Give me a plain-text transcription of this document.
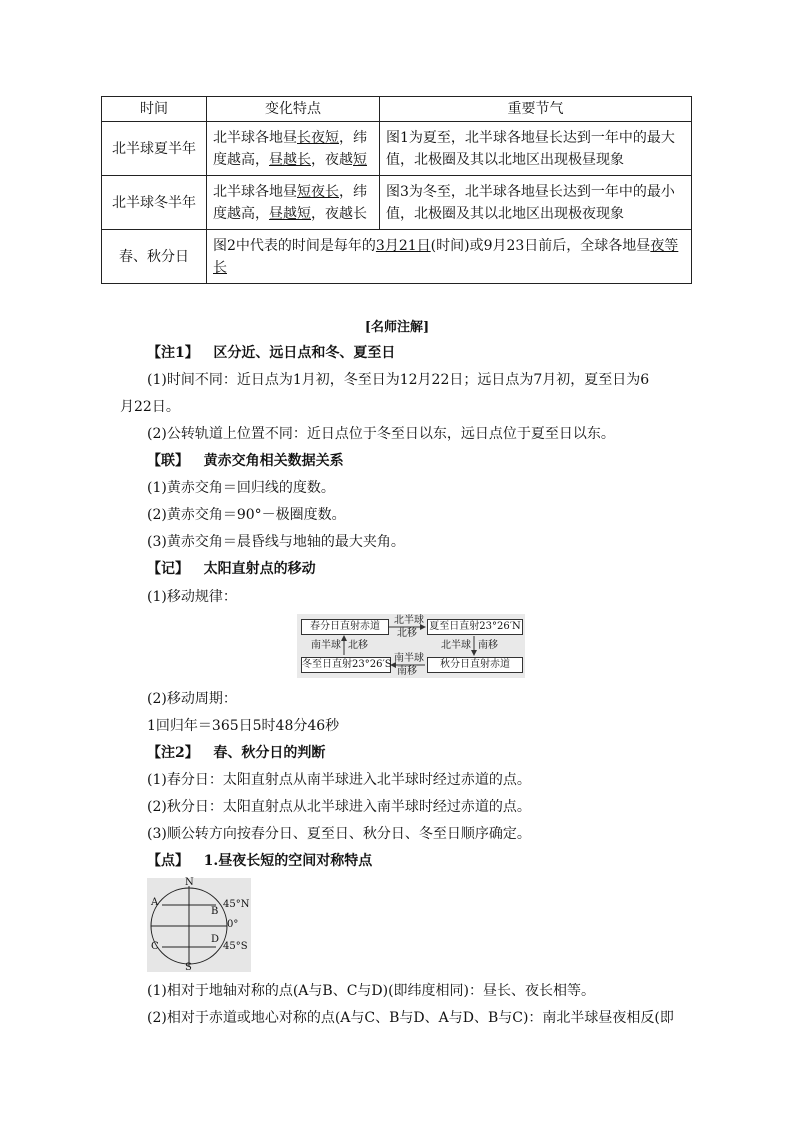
时间	变化特点	重要节气
北半球夏半年	北半球各地昼长夜短，纬度越高，昼越长，夜越短	图1为夏至，北半球各地昼长达到一年中的最大值，北极圈及其以北地区出现极昼现象
北半球冬半年	北半球各地昼短夜长，纬度越高，昼越短，夜越长	图3为冬至，北半球各地昼长达到一年中的最小值，北极圈及其以北地区出现极夜现象
春、秋分日	图2中代表的时间是每年的3月21日(时间)或9月23日前后，全球各地昼夜等长	
[名师注解]
【注1】 区分近、远日点和冬、夏至日
(1)时间不同：近日点为1月初，冬至日为12月22日；远日点为7月初，夏至日为6
月22日。
(2)公转轨道上位置不同：近日点位于冬至日以东，远日点位于夏至日以东。
【联】 黄赤交角相关数据关系
(1)黄赤交角＝回归线的度数。
(2)黄赤交角＝90°－极圈度数。
(3)黄赤交角＝晨昏线与地轴的最大夹角。
【记】 太阳直射点的移动
(1)移动规律：
春分日直射赤道	夏至日直射23°26′N
冬至日直射23°26′S	秋分日直射赤道
北半球
北移
南半球 北移	北半球 南移
南半球
南移
(2)移动周期：
1回归年＝365日5时48分46秒
【注2】 春、秋分日的判断
(1)春分日：太阳直射点从南半球进入北半球时经过赤道的点。
(2)秋分日：太阳直射点从北半球进入南半球时经过赤道的点。
(3)顺公转方向按春分日、夏至日、秋分日、冬至日顺序确定。
【点】 1.昼夜长短的空间对称特点
N
S
A
B
C
D
45°N
0°
45°S
(1)相对于地轴对称的点(A与B、C与D)(即纬度相同)：昼长、夜长相等。
(2)相对于赤道或地心对称的点(A与C、B与D、A与D、B与C)：南北半球昼夜相反(即
